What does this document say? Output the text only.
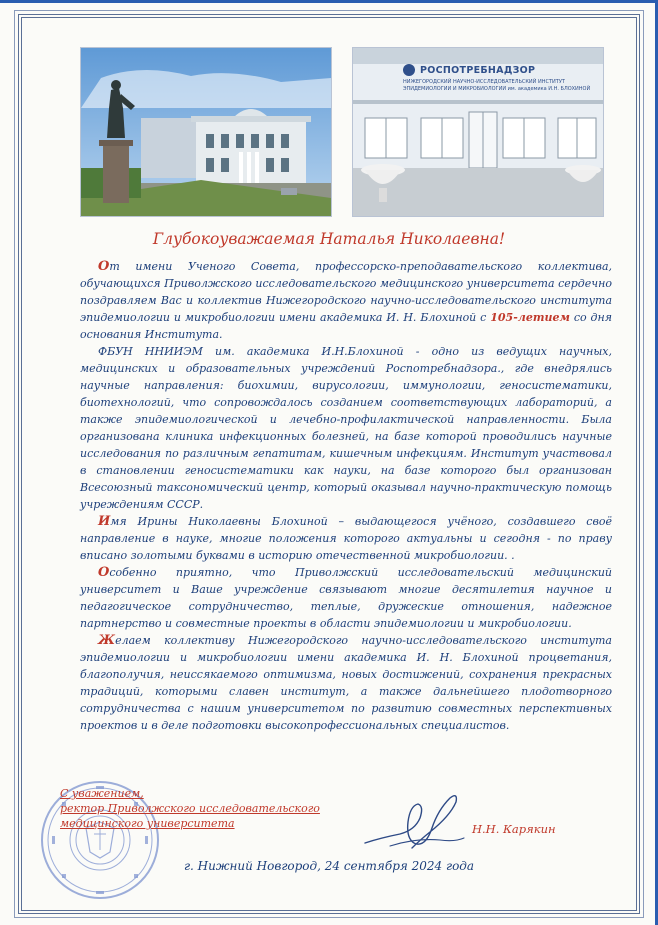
РОСПОТРЕБНАДЗОР
НИЖЕГОРОДСКИЙ НАУЧНО-ИССЛЕДОВАТЕЛЬСКИЙ ИНСТИТУТ
ЭПИДЕМИОЛОГИИ И МИКРОБИОЛОГИИ им. академика И.Н. БЛОХИНОЙ
Глубокоуважаемая Наталья Николаевна!

От имени Ученого Совета, профессорско-преподавательского коллектива, обучающихся Приволжского исследовательского медицинского университета сердечно поздравляем Вас и коллектив Нижегородского научно-исследовательского института эпидемиологии и микробиологии имени академика И. Н. Блохиной с 105-летием со дня основания Института.

ФБУН ННИИЭМ им. академика И.Н.Блохиной - одно из ведущих научных, медицинских и образовательных учреждений Роспотребнадзора., где внедрялись научные направления: биохимии, вирусологии, иммунологии, геносистематики, биотехнологий, что сопровождалось созданием соответствующих лабораторий, а также эпидемиологической и лечебно-профилактической направленности. Была организована клиника инфекционных болезней, на базе которой проводились научные исследования по различным гепатитам, кишечным инфекциям. Институт участвовал в становлении геносистематики как науки, на базе которого был организован Всесоюзный таксономический центр, который оказывал научно-практическую помощь учреждениям СССР.

Имя Ирины Николаевны Блохиной – выдающегося учёного, создавшего своё направление в науке, многие положения которого актуальны и сегодня - по праву вписано золотыми буквами в историю отечественной микробиологии. .

Особенно приятно, что Приволжский исследовательский медицинский университет и Ваше учреждение связывают многие десятилетия научное и педагогическое сотрудничество, теплые, дружеские отношения, надежное партнерство и совместные проекты в области эпидемиологии и микробиологии.

Желаем коллективу Нижегородского научно-исследовательского института эпидемиологии и микробиологии имени академика И. Н. Блохиной процветания, благополучия, неиссякаемого оптимизма, новых достижений, сохранения прекрасных традиций, которыми славен институт, а также дальнейшего плодотворного сотрудничества с нашим университетом по развитию совместных перспективных проектов и в деле подготовки высокопрофессиональных специалистов.

С уважением,
ректор Приволжского исследовательского
медицинского университета	Н.Н. Карякин
г. Нижний Новгород, 24 сентября 2024 года
